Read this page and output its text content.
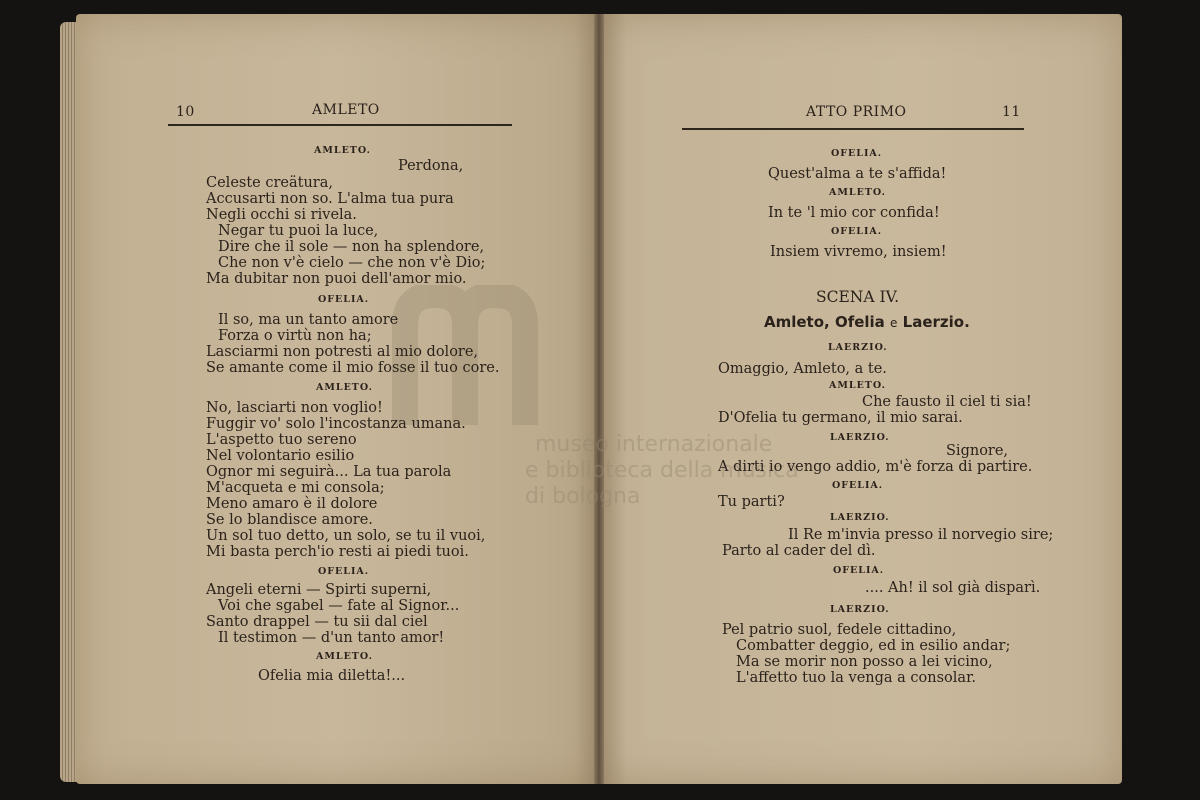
museo internazionale
e biblioteca della musica
di bologna
10	AMLETO
AMLETO.
Perdona,
Celeste creätura,
Accusarti non so. L'alma tua pura
Negli occhi si rivela.
Negar tu puoi la luce,
Dire che il sole — non ha splendore,
Che non v'è cielo — che non v'è Dio;
Ma dubitar non puoi dell'amor mio.
OFELIA.
Il so, ma un tanto amore
Forza o virtù non ha;
Lasciarmi non potresti al mio dolore,
Se amante come il mio fosse il tuo core.
AMLETO.
No, lasciarti non voglio!
Fuggir vo' solo l'incostanza umana.
L'aspetto tuo sereno
Nel volontario esilio
Ognor mi seguirà... La tua parola
M'acqueta e mi consola;
Meno amaro è il dolore
Se lo blandisce amore.
Un sol tuo detto, un solo, se tu il vuoi,
Mi basta perch'io resti ai piedi tuoi.
OFELIA.
Angeli eterni — Spirti superni,
Voi che sgabel — fate al Signor...
Santo drappel — tu sii dal ciel
Il testimon — d'un tanto amor!
AMLETO.
Ofelia mia diletta!...
ATTO PRIMO	11
OFELIA.
Quest'alma a te s'affida!
AMLETO.
In te 'l mio cor confida!
OFELIA.
Insiem vivremo, insiem!
SCENA IV.
Amleto, Ofelia e Laerzio.
LAERZIO.
Omaggio, Amleto, a te.
AMLETO.
Che fausto il ciel ti sia!
D'Ofelia tu germano, il mio sarai.
LAERZIO.
Signore,
A dirti io vengo addio, m'è forza di partire.
OFELIA.
Tu parti?
LAERZIO.
Il Re m'invia presso il norvegio sire;
Parto al cader del dì.
OFELIA.
.... Ah! il sol già disparì.
LAERZIO.
Pel patrio suol, fedele cittadino,
Combatter deggio, ed in esilio andar;
Ma se morir non posso a lei vicino,
L'affetto tuo la venga a consolar.
